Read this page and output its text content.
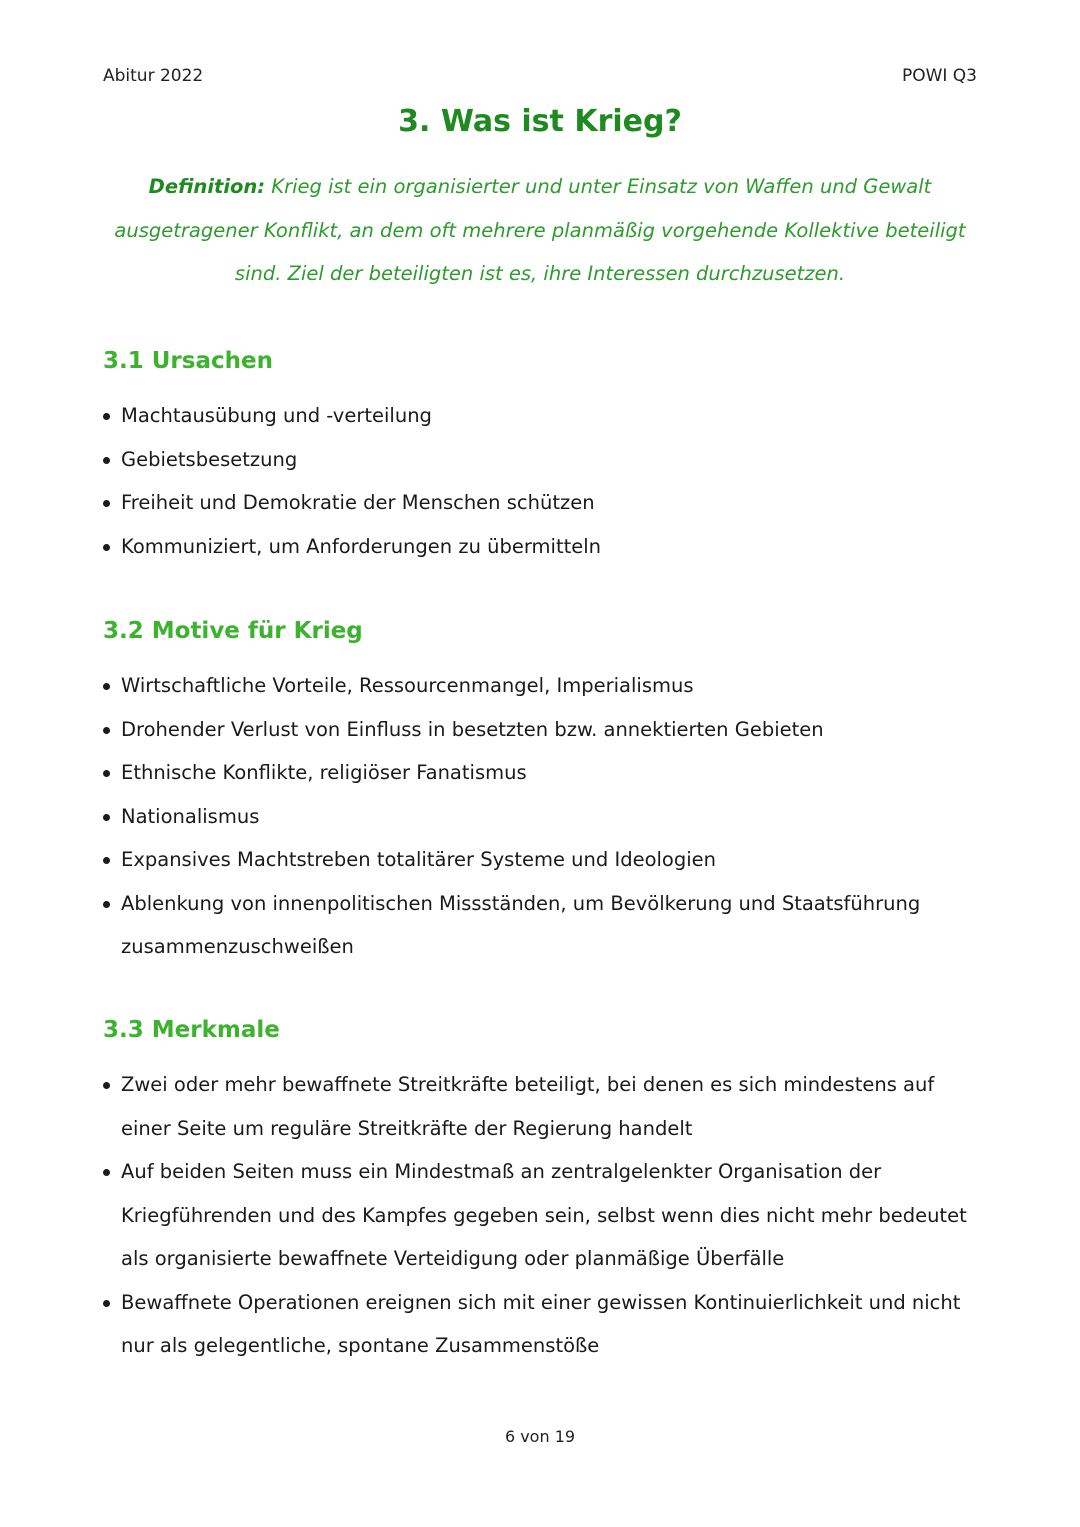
Abitur 2022	POWI Q3
3. Was ist Krieg?

Definition: Krieg ist ein organisierter und unter Einsatz von Waffen und Gewalt ausgetragener Konflikt, an dem oft mehrere planmäßig vorgehende Kollektive beteiligt sind. Ziel der beteiligten ist es, ihre Interessen durchzusetzen.

3.1 Ursachen
Machtausübung und -verteilung
Gebietsbesetzung
Freiheit und Demokratie der Menschen schützen
Kommuniziert, um Anforderungen zu übermitteln
3.2 Motive für Krieg
Wirtschaftliche Vorteile, Ressourcenmangel, Imperialismus
Drohender Verlust von Einfluss in besetzten bzw. annektierten Gebieten
Ethnische Konflikte, religiöser Fanatismus
Nationalismus
Expansives Machtstreben totalitärer Systeme und Ideologien
Ablenkung von innenpolitischen Missständen, um Bevölkerung und Staatsführung zusammenzuschweißen
3.3 Merkmale
Zwei oder mehr bewaffnete Streitkräfte beteiligt, bei denen es sich mindestens auf einer Seite um reguläre Streitkräfte der Regierung handelt
Auf beiden Seiten muss ein Mindestmaß an zentralgelenkter Organisation der Kriegführenden und des Kampfes gegeben sein, selbst wenn dies nicht mehr bedeutet als organisierte bewaffnete Verteidigung oder planmäßige Überfälle
Bewaffnete Operationen ereignen sich mit einer gewissen Kontinuierlichkeit und nicht nur als gelegentliche, spontane Zusammenstöße
6 von 19
